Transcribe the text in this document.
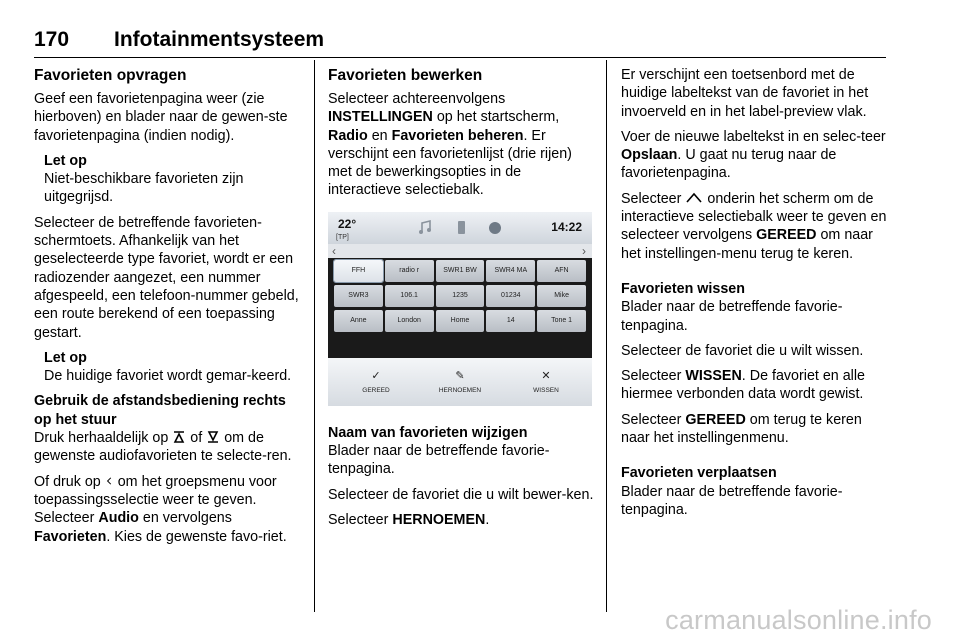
170 Infotainmentsysteem
Favorieten opvragen

Geef een favorietenpagina weer (zie hierboven) en blader naar de gewen-ste favorietenpagina (indien nodig).

Let op

Niet-beschikbare favorieten zijn uitgegrijsd.

Selecteer de betreffende favorieten-schermtoets. Afhankelijk van het geselecteerde type favoriet, wordt er een radiozender aangezet, een nummer afgespeeld, een telefoon-nummer gebeld, een route berekend of een toepassing gestart.

Let op

De huidige favoriet wordt gemar-keerd.

Gebruik de afstandsbediening rechts op het stuur

Druk herhaaldelijk op of om de gewenste audiofavorieten te selecte-ren.

Of druk op om het groepsmenu voor toepassingsselectie weer te geven. Selecteer Audio en vervolgens Favorieten. Kies de gewenste favo-riet.

Favorieten bewerken

Selecteer achtereenvolgens INSTELLINGEN op het startscherm, Radio en Favorieten beheren. Er verschijnt een favorietenlijst (drie rijen) met de bewerkingsopties in de interactieve selectiebalk.

22°
[TP]
14:22
‹	›
FFH	radio r	SWR1 BW	SWR4 MA	AFN
SWR3	106.1	1235	01234	Mike
Anne	London	Home	14	Tone 1
✓
GEREED
✎
HERNOEMEN
✕
WISSEN
Naam van favorieten wijzigen

Blader naar de betreffende favorie-tenpagina.

Selecteer de favoriet die u wilt bewer-ken.

Selecteer HERNOEMEN.

Er verschijnt een toetsenbord met de huidige labeltekst van de favoriet in het invoerveld en in het label-preview vlak.

Voer de nieuwe labeltekst in en selec-teer Opslaan. U gaat nu terug naar de favorietenpagina.

Selecteer onderin het scherm om de interactieve selectiebalk weer te geven en selecteer vervolgens GEREED om naar het instellingen-menu terug te keren.

Favorieten wissen

Blader naar de betreffende favorie-tenpagina.

Selecteer de favoriet die u wilt wissen.

Selecteer WISSEN. De favoriet en alle hiermee verbonden data wordt gewist.

Selecteer GEREED om terug te keren naar het instellingenmenu.

Favorieten verplaatsen

Blader naar de betreffende favorie-tenpagina.

carmanualsonline.info
